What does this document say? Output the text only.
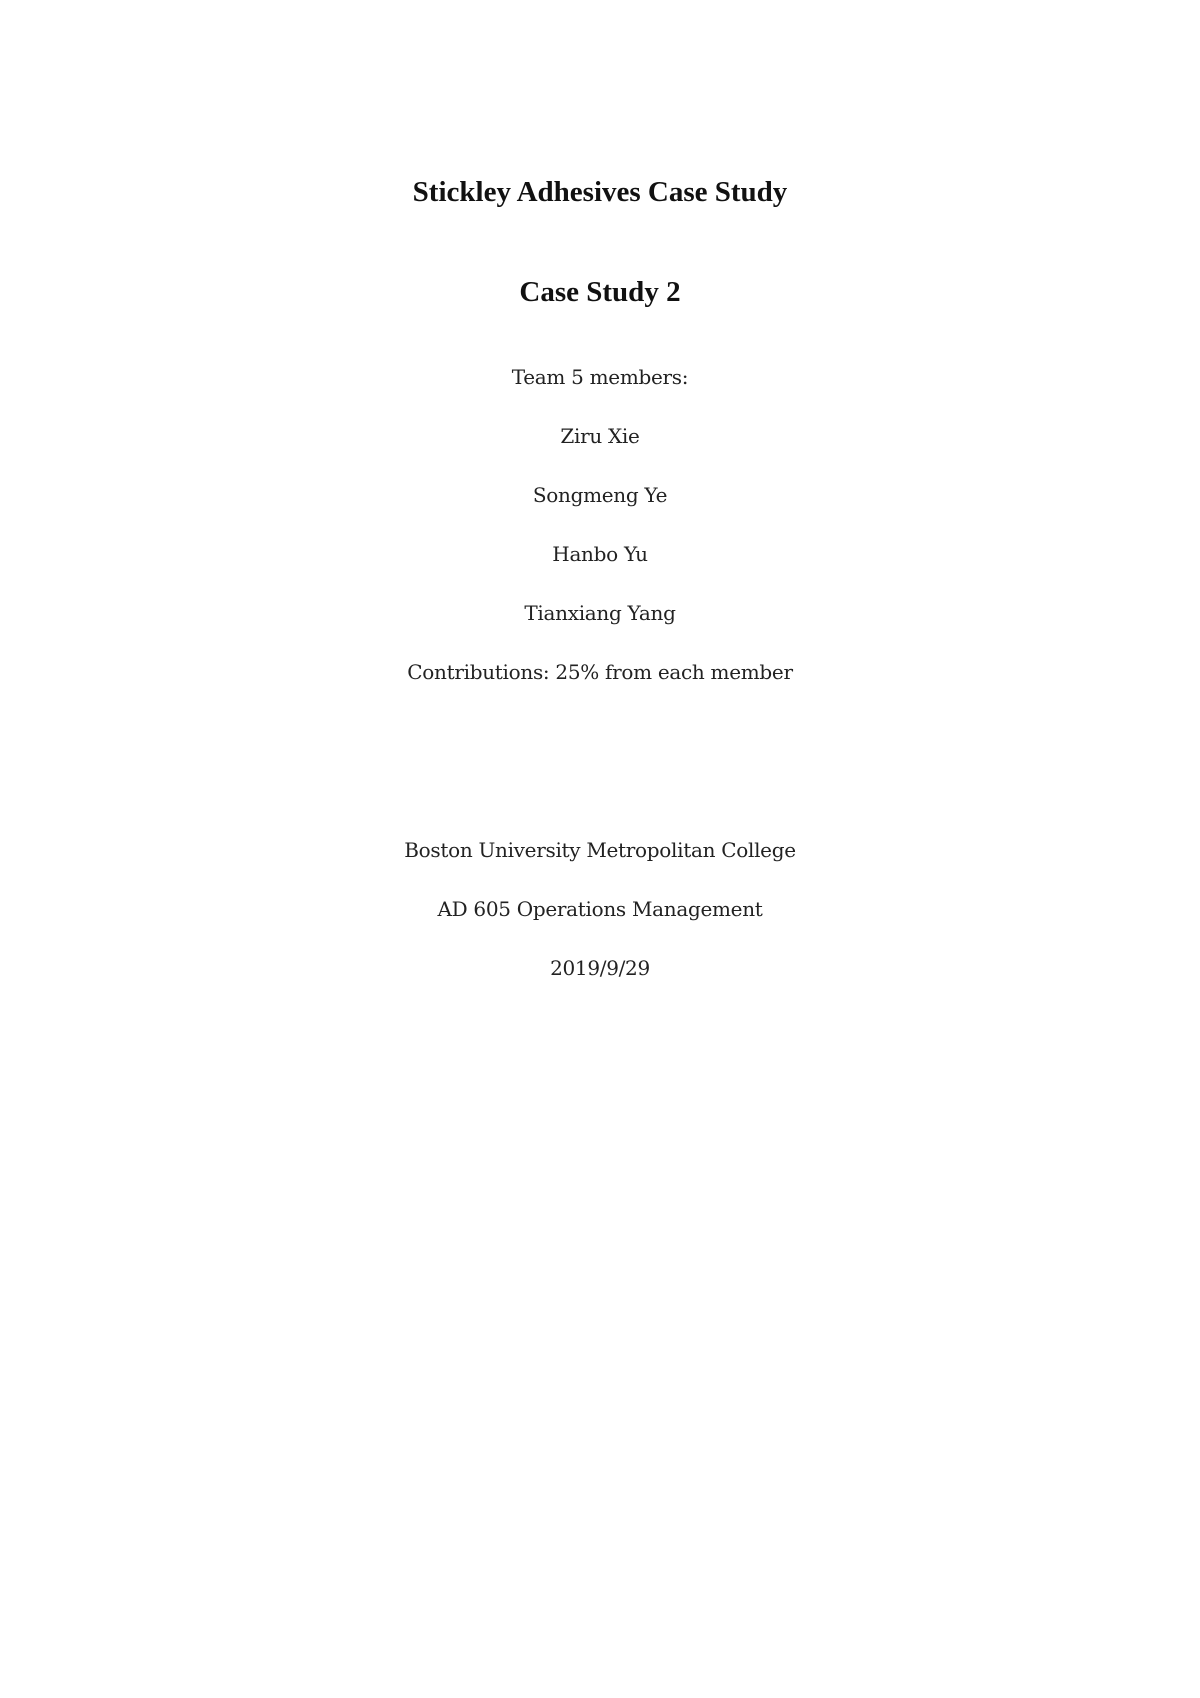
Stickley Adhesives Case Study
Case Study 2

Team 5 members:

Ziru Xie

Songmeng Ye

Hanbo Yu

Tianxiang Yang

Contributions: 25% from each member

Boston University Metropolitan College

AD 605 Operations Management

2019/9/29
